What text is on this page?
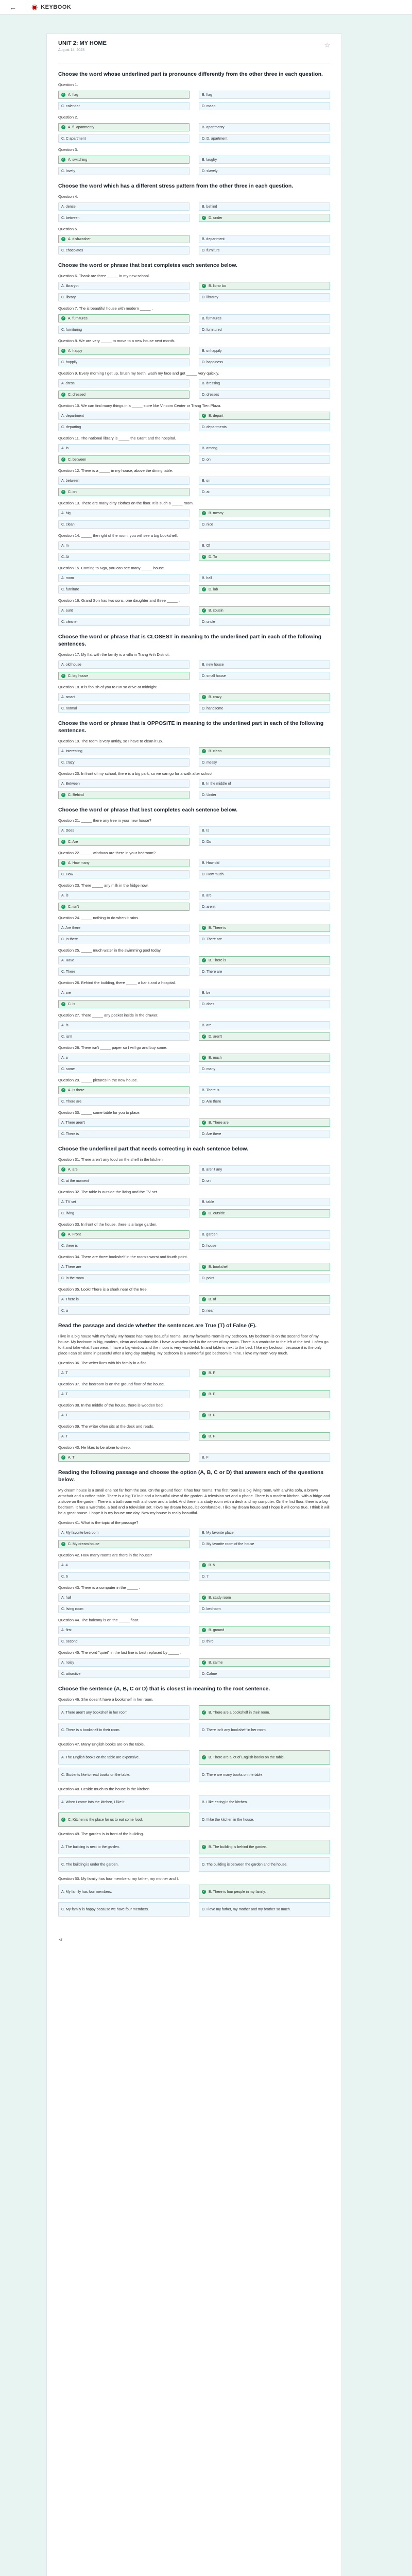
← ◉ KEYBOOK
UNIT 2: MY HOME
August 14, 2023
☆
Choose the word whose underlined part is pronounce differently from the other three in each question.
Question 1.
✓ A. flag	B. flag
C. calendar	D. maap
Question 2.
✓ A. fl. apartmenty	B. apartmenty
C. C apartment	D. D. apartment
Question 3.
✓ A. switching	B. laughy
C. lovely	D. slavely
Choose the word which has a different stress pattern from the other three in each question.
Question 4.
A. dense	B. behind
C. between	✓ D. under
Question 5.
✓ A. dishwasher	B. department
C. chocolates	D. furniture
Choose the word or phrase that best completes each sentence below.
Question 6. Thank are three _____ in my new school.
A. libraryot	✓ B. librar bo
C. library	D. libraray
Question 7. The is beautiful house with modern _____ .
✓ A. furnitures	B. furnitures
C. furnituring	D. furnitured
Question 8. We are very _____ to move to a new house next month.
✓ A. happy	B. unhappily
C. happily	D. happiness
Question 9. Every morning I get up, brush my teeth, wash my face and get _____ very quickly.
A. dress	B. dressing
✓ C. dressed	D. dresses
Question 10. We can find many things in a _____ store like Vincom Center or Trang Tien Plaza.
A. department	✓ B. depart
C. departing	D. departments
Question 11. The national library is _____ the Grant and the hospital.
A. in	B. among
✓ C. between	D. on
Question 12. There is a _____ in my house, above the dining table.
A. between	B. on
✓ C. on	D. at
Question 13. There are many dirty clothes on the floor. It is such a _____ room.
A. big	✓ B. messy
C. clean	D. nice
Question 14. _____ the right of the room, you will see a big bookshelf.
A. In	B. Of
C. At	✓ D. To
Question 15. Coming to Nga, you can see many _____ house.
A. room	B. hall
C. furniture	✓ D. lab
Question 16. Grand Son has two sons, one daughter and three _____ .
A. aunt	✓ B. cousin
C. cleaner	D. uncle
Choose the word or phrase that is CLOSEST in meaning to the underlined part in each of the following sentences.
Question 17. My flat with the family is a villa in Trang Anh District.
A. old house	B. new house
✓ C. big house	D. small house
Question 18. It is foolish of you to run so drive at midnight.
A. smart	✓ B. crazy
C. normal	D. handsome
Choose the word or phrase that is OPPOSITE in meaning to the underlined part in each of the following sentences.
Question 19. The room is very untidy, so I have to clean it up.
A. interesting	✓ B. clean
C. crazy	D. messy
Question 20. In front of my school, there is a big park, so we can go for a walk after school.
A. Between	B. In the middle of
✓ C. Behind	D. Under
Choose the word or phrase that best completes each sentence below.
Question 21. _____ there any tree in your new house?
A. Does	B. Is
✓ C. Are	D. Do
Question 22. _____ windows are there in your bedroom?
✓ A. How many	B. How old
C. How	D. How much
Question 23. There _____ any milk in the fridge now.
A. is	B. are
✓ C. isn't	D. aren't
Question 24. _____ nothing to do when it rains.
A. Are there	✓ B. There is
C. Is there	D. There are
Question 25. _____ much water in the swimming pool today.
A. Have	✓ B. There is
C. There	D. There are
Question 26. Behind the building, there _____ a bank and a hospital.
A. are	B. be
✓ C. is	D. does
Question 27. There _____ any pocket inside in the drawer.
A. is	B. are
C. isn't	✓ D. aren't
Question 28. There isn't _____ paper so I will go and buy some.
A. a	✓ B. much
C. some	D. many
Question 29. _____ pictures in the new house.
✓ A. Is there	B. There is
C. There are	D. Are there
Question 30. _____ some table for you to place.
A. There aren't	✓ B. There are
C. There is	D. Are there
Choose the underlined part that needs correcting in each sentence below.
Question 31. There aren't any food on the shelf in the kitchen.
✓ A. are	B. aren't any
C. at the moment	D. on
Question 32. The table is outside the living and the TV set.
A. TV set	B. table
C. living	✓ D. outside
Question 33. In front of the house, there is a large garden.
✓ A. Front	B. garden
C. there is	D. house
Question 34. There are three bookshelf in the room's worst and fourth point.
A. There are	✓ B. bookshelf
C. in the room	D. point
Question 35. Look! There is a shark near of the tree.
A. There is	✓ B. of
C. a	D. near
Read the passage and decide whether the sentences are True (T) of False (F).
I live in a big house with my family. My house has many beautiful rooms. But my favourite room is my bedroom. My bedroom is on the second floor of my house. My bedroom is big, modern, clean and comfortable. I have a wooden bed in the center of my room. There is a wardrobe to the left of the bed. I often go to it and take what I can wear. I have a big window and the moon is very wonderful. In and table is next to the bed. I like my bedroom because it is the only place I can sit alone in peaceful after a long day studying. My bedroom is a wonderful god bedroom is mine. I love my room very much.
Question 36. The writer lives with his family in a flat.
A. T	✓ B. F
Question 37. The bedroom is on the ground floor of the house.
A. T	✓ B. F
Question 38. In the middle of the house, there is wooden bed.
A. T	✓ B. F
Question 39. The writer often sits at the desk and reads.
A. T	✓ B. F
Question 40. He likes to be alone to sleep.
✓ A. T	B. F
Reading the following passage and choose the option (A, B, C or D) that answers each of the questions below.
My dream house is a small one not far from the sea. On the ground floor, it has four rooms. The first room is a big living room, with a white sofa, a brown armchair and a coffee table. There is a big TV in it and a beautiful view of the garden. A television set and a phone. There is a modern kitchen, with a fridge and a stove on the garden. There is a bathroom with a shower and a toilet. And there is a study room with a desk and my computer. On the first floor, there is a big bedroom. It has a wardrobe, a bed and a television set. I love my dream house, it's comfortable. I like my dream house and I hope it will come true. I think it will be a great house. I hope it is my house one day. Now my house is really beautiful.
Question 41. What is the topic of the passage?
A. My favorite bedroom	B. My favorite place
✓ C. My dream house	D. My favorite room of the house
Question 42. How many rooms are there in the house?
A. 4	✓ B. 5
C. 6	D. 7
Question 43. There is a computer in the _____ .
A. hall	✓ B. study room
C. living room	D. bedroom
Question 44. The balcony is on the _____ floor.
A. first	✓ B. ground
C. second	D. third
Question 45. The word "quiet" in the last line is best replaced by _____ .
A. noisy	✓ B. calme
C. attractive	D. Calme
Choose the sentence (A, B, C or D) that is closest in meaning to the root sentence.
Question 46. She doesn't have a bookshelf in her room.
A. There aren't any bookshelf in her room.	✓ B. There are a bookshelf in their room.
C. There is a bookshelf in their room.	D. There isn't any bookshelf in her room.
Question 47. Many English books are on the table.
A. The English books on the table are expensive.	✓ B. There are a lot of English books on the table.
C. Students like to read books on the table.	D. There are many books on the table.
Question 48. Beside much to the house is the kitchen.
A. When I come into the kitchen, I like it.	B. I like eating in the kitchen.
✓ C. Kitchen is the place for us to eat some food.	D. I like the kitchen in the house.
Question 49. The garden is in front of the building.
A. The building is next to the garden.	✓ B. The building is behind the garden.
C. The building is under the garden.	D. The building is between the garden and the house.
Question 50. My family has four members: my father, my mother and I.
A. My family has four members.	✓ B. There is four people in my family.
C. My family is happy because we have four members.	D. I love my father, my mother and my brother so much.
⋖
